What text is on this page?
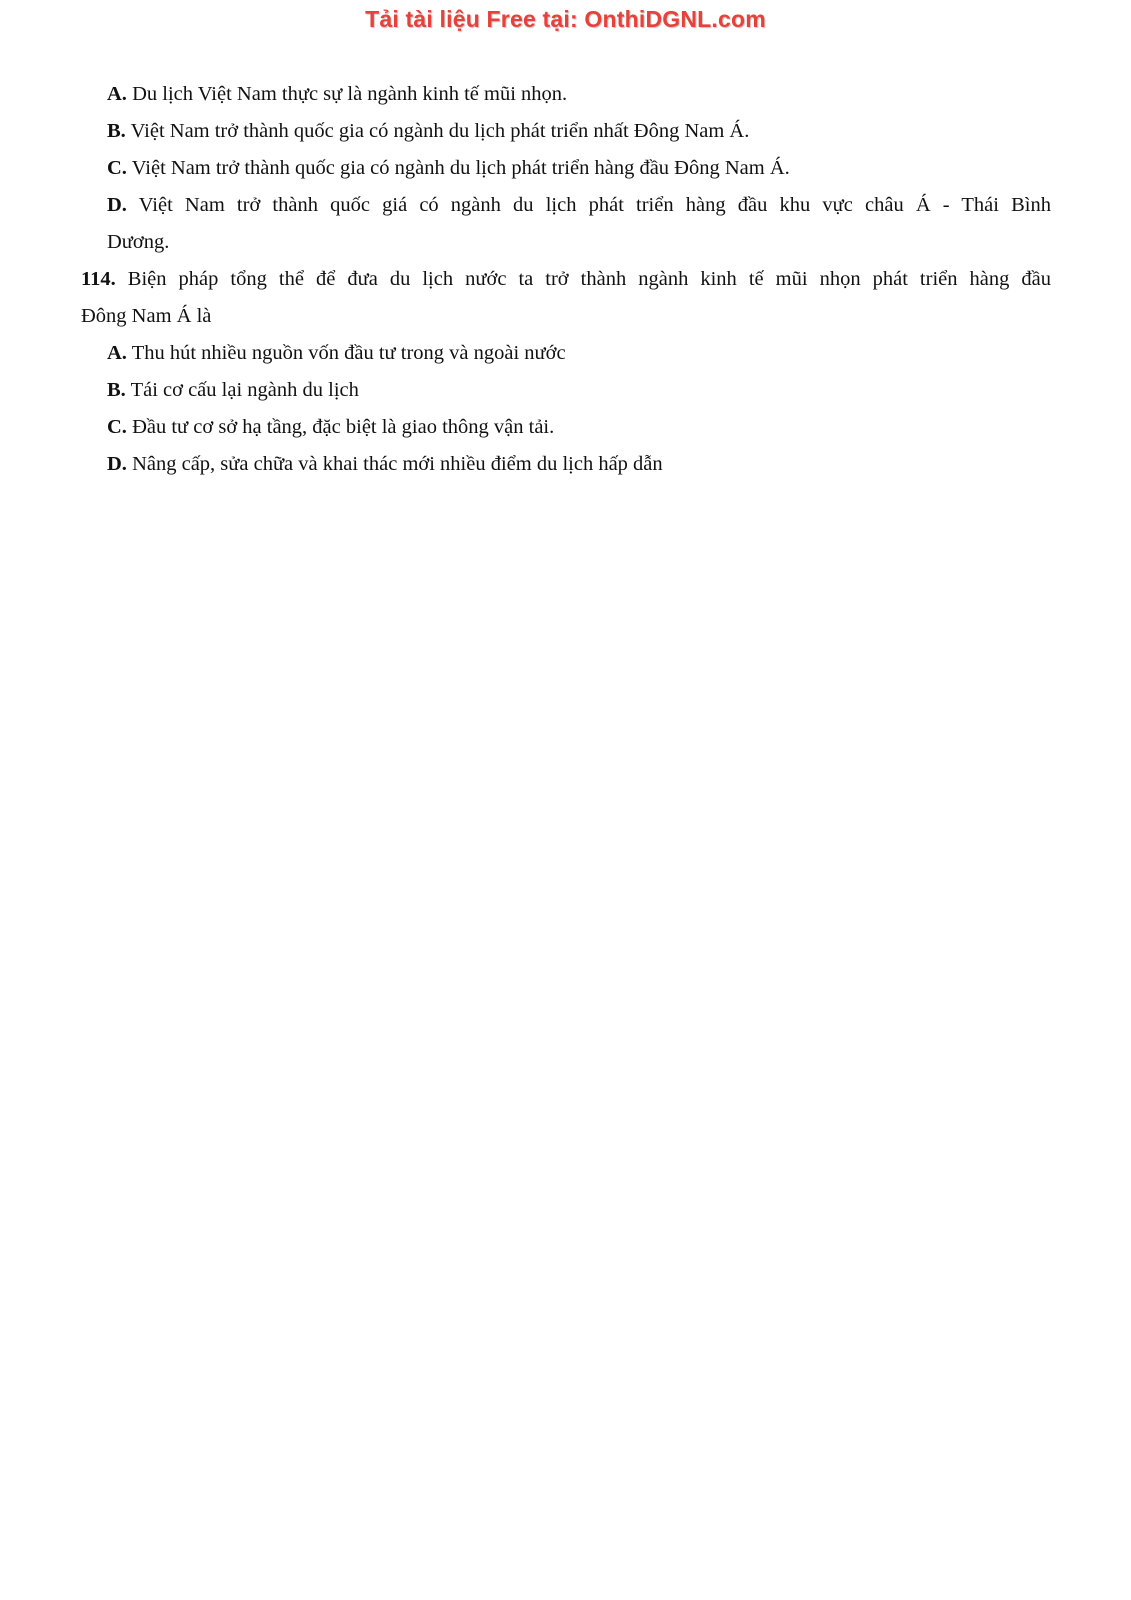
Tải tài liệu Free tại: OnthiDGNL.com
A. Du lịch Việt Nam thực sự là ngành kinh tế mũi nhọn.
B. Việt Nam trở thành quốc gia có ngành du lịch phát triển nhất Đông Nam Á.
C. Việt Nam trở thành quốc gia có ngành du lịch phát triển hàng đầu Đông Nam Á.
D. Việt Nam trở thành quốc giá có ngành du lịch phát triển hàng đầu khu vực châu Á - Thái Bình
Dương.
114. Biện pháp tổng thể để đưa du lịch nước ta trở thành ngành kinh tế mũi nhọn phát triển hàng đầu
Đông Nam Á là
A. Thu hút nhiều nguồn vốn đầu tư trong và ngoài nước
B. Tái cơ cấu lại ngành du lịch
C. Đầu tư cơ sở hạ tầng, đặc biệt là giao thông vận tải.
D. Nâng cấp, sửa chữa và khai thác mới nhiều điểm du lịch hấp dẫn
